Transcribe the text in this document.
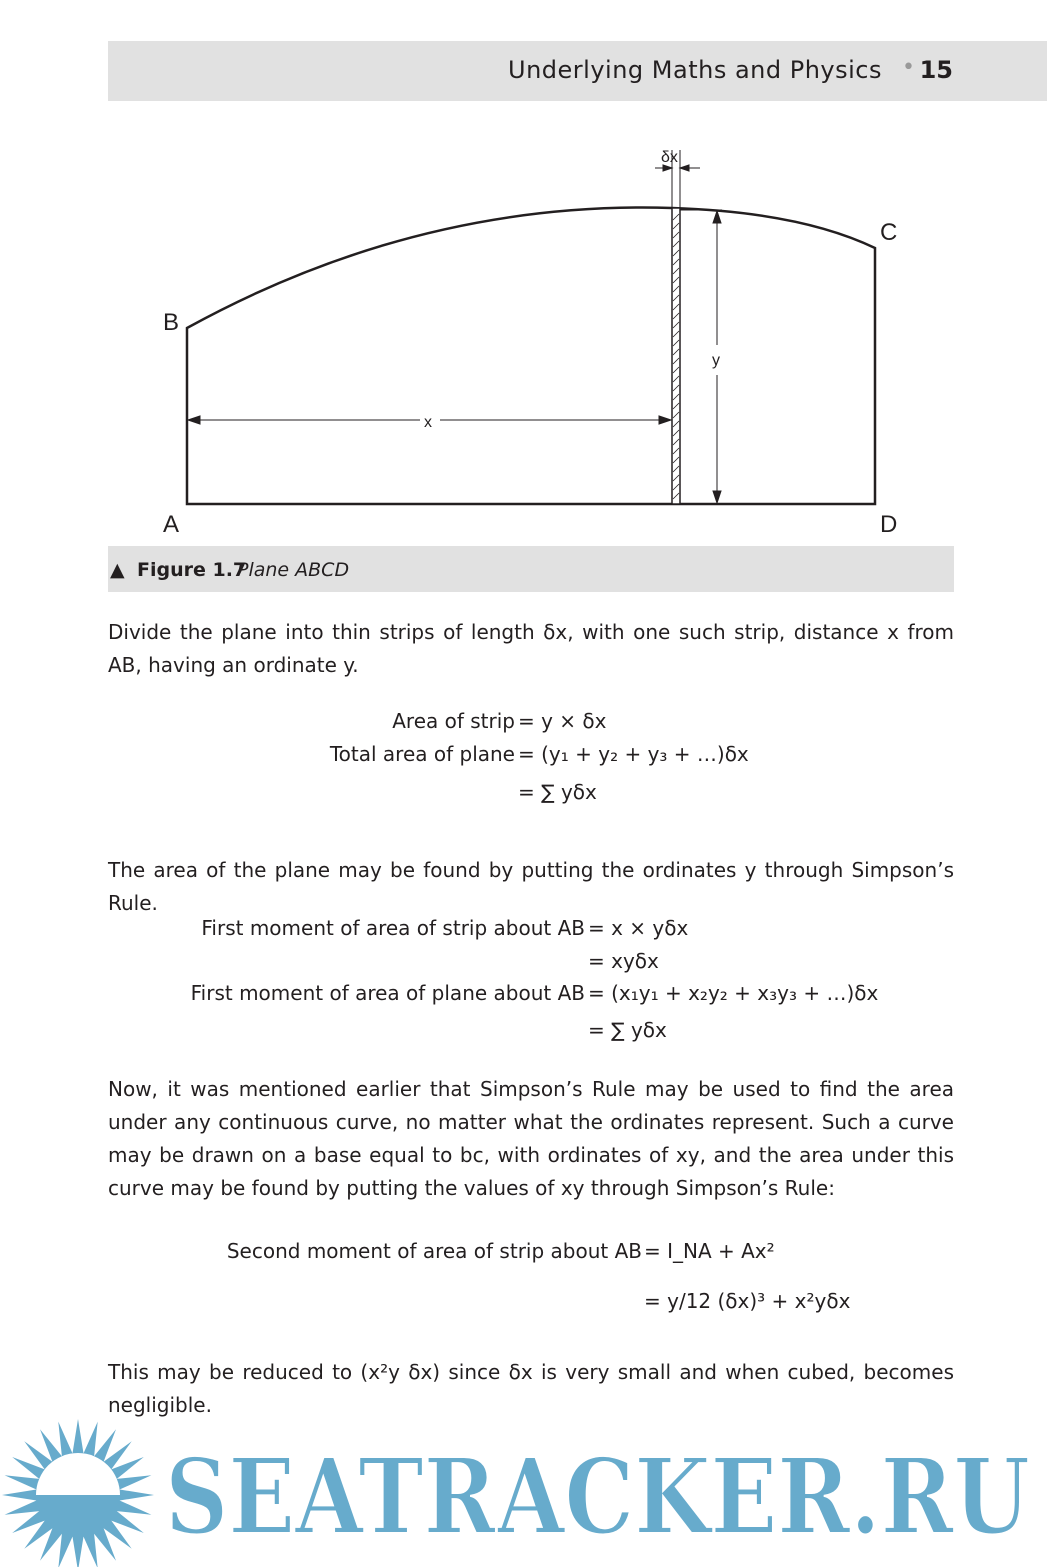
Underlying Maths and Physics • 15
B
A
C
D
x
y
δx
▲ Figure 1.7
Plane ABCD
Divide the plane into thin strips of length δx, with one such strip, distance x from AB, having an ordinate y.
Area of strip = y × δx
Total area of plane = (y₁ + y₂ + y₃ + …)δx
= ∑ yδx
The area of the plane may be found by putting the ordinates y through Simpson’s Rule.
First moment of area of strip about AB = x × yδx
= xyδx
First moment of area of plane about AB = (x₁y₁ + x₂y₂ + x₃y₃ + …)δx
= ∑ yδx
Now, it was mentioned earlier that Simpson’s Rule may be used to find the area under any continuous curve, no matter what the ordinates represent. Such a curve may be drawn on a base equal to bc, with ordinates of xy, and the area under this curve may be found by putting the values of xy through Simpson’s Rule:
Second moment of area of strip about AB = I_NA + Ax²
= y/12 (δx)³ + x²yδx
This may be reduced to (x²y δx) since δx is very small and when cubed, becomes negligible.
SEATRACKER.RU
